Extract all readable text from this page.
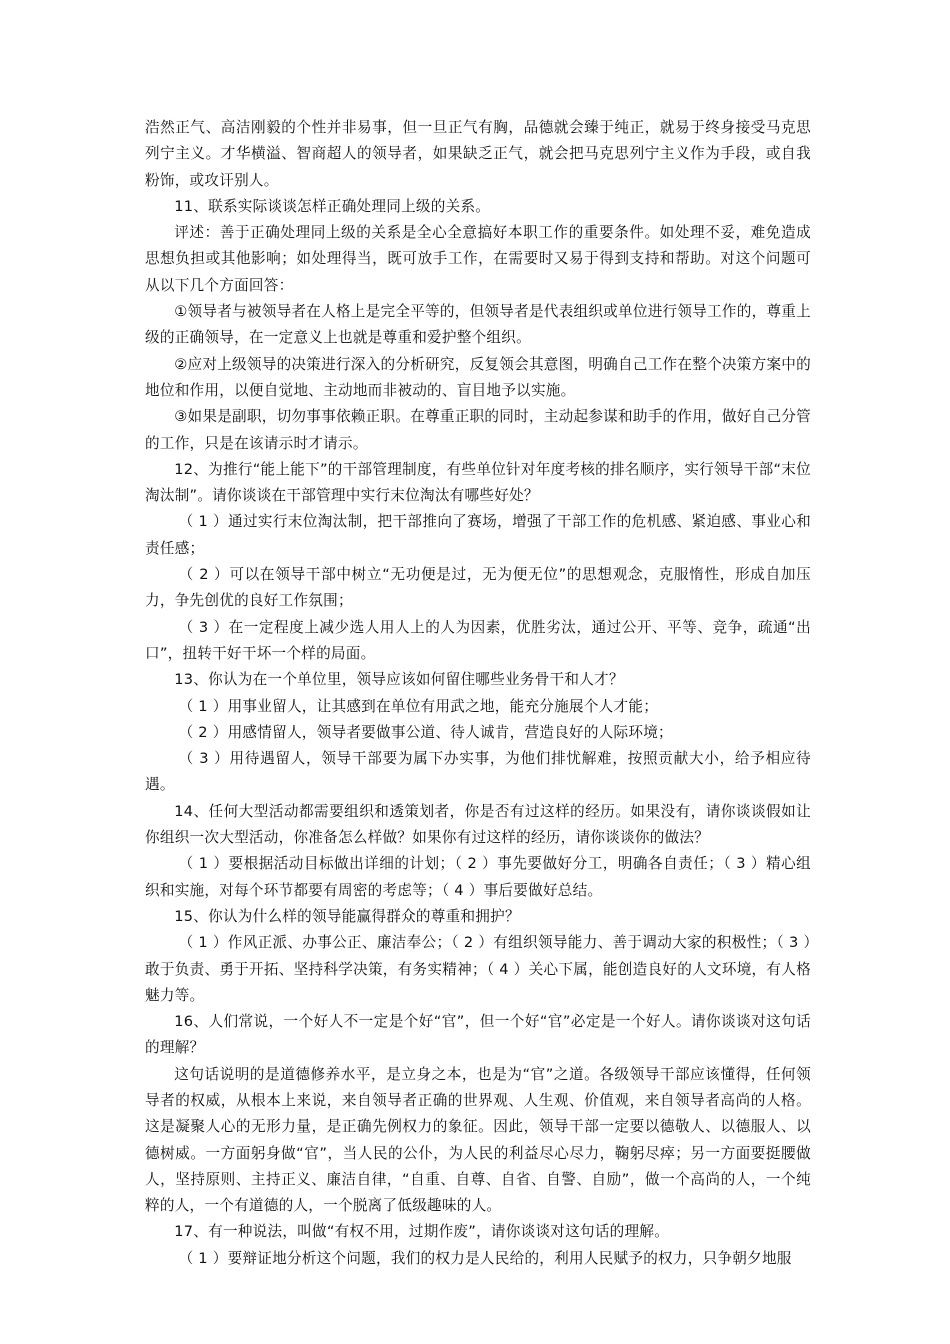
浩然正气、高洁刚毅的个性并非易事，但一旦正气有胸，品德就会臻于纯正，就易于终身接受马克思列宁主义。才华横溢、智商超人的领导者，如果缺乏正气，就会把马克思列宁主义作为手段，或自我粉饰，或攻讦别人。

11、联系实际谈谈怎样正确处理同上级的关系。

评述：善于正确处理同上级的关系是全心全意搞好本职工作的重要条件。如处理不妥，难免造成思想负担或其他影响；如处理得当，既可放手工作，在需要时又易于得到支持和帮助。对这个问题可从以下几个方面回答：

①领导者与被领导者在人格上是完全平等的，但领导者是代表组织或单位进行领导工作的，尊重上级的正确领导，在一定意义上也就是尊重和爱护整个组织。

②应对上级领导的决策进行深入的分析研究，反复领会其意图，明确自己工作在整个决策方案中的地位和作用，以便自觉地、主动地而非被动的、盲目地予以实施。

③如果是副职，切勿事事依赖正职。在尊重正职的同时，主动起参谋和助手的作用，做好自己分管的工作，只是在该请示时才请示。

12、为推行“能上能下”的干部管理制度，有些单位针对年度考核的排名顺序，实行领导干部“末位淘汰制”。请你谈谈在干部管理中实行末位淘汰有哪些好处？

（ 1 ）通过实行末位淘汰制，把干部推向了赛场，增强了干部工作的危机感、紧迫感、事业心和责任感；

（ 2 ）可以在领导干部中树立“无功便是过，无为便无位”的思想观念，克服惰性，形成自加压力，争先创优的良好工作氛围；

（ 3 ）在一定程度上减少选人用人上的人为因素，优胜劣汰，通过公开、平等、竞争，疏通“出口”，扭转干好干坏一个样的局面。

13、你认为在一个单位里，领导应该如何留住哪些业务骨干和人才？

（ 1 ）用事业留人，让其感到在单位有用武之地，能充分施展个人才能；

（ 2 ）用感情留人，领导者要做事公道、待人诚肯，营造良好的人际环境；

（ 3 ）用待遇留人，领导干部要为属下办实事，为他们排忧解难，按照贡献大小，给予相应待遇。

14、任何大型活动都需要组织和透策划者，你是否有过这样的经历。如果没有，请你谈谈假如让你组织一次大型活动，你准备怎么样做？如果你有过这样的经历，请你谈谈你的做法？

（ 1 ）要根据活动目标做出详细的计划；（ 2 ）事先要做好分工，明确各自责任；（ 3 ）精心组织和实施，对每个环节都要有周密的考虑等；（ 4 ）事后要做好总结。

15、你认为什么样的领导能赢得群众的尊重和拥护？

（ 1 ）作风正派、办事公正、廉洁奉公；（ 2 ）有组织领导能力、善于调动大家的积极性；（ 3 ）敢于负责、勇于开拓、坚持科学决策，有务实精神；（ 4 ）关心下属，能创造良好的人文环境，有人格魅力等。

16、人们常说，一个好人不一定是个好“官”，但一个好“官”必定是一个好人。请你谈谈对这句话的理解？

这句话说明的是道德修养水平，是立身之本，也是为“官”之道。各级领导干部应该懂得，任何领导者的权威，从根本上来说，来自领导者正确的世界观、人生观、价值观，来自领导者高尚的人格。这是凝聚人心的无形力量，是正确先例权力的象征。因此，领导干部一定要以德敬人、以德服人、以德树威。一方面躬身做“官”，当人民的公仆，为人民的利益尽心尽力，鞠躬尽瘁；另一方面要挺腰做人，坚持原则、主持正义、廉洁自律，“自重、自尊、自省、自警、自励”，做一个高尚的人，一个纯粹的人，一个有道德的人，一个脱离了低级趣味的人。

17、有一种说法，叫做“有权不用，过期作废”，请你谈谈对这句话的理解。

（ 1 ）要辩证地分析这个问题，我们的权力是人民给的，利用人民赋予的权力，只争朝夕地服
